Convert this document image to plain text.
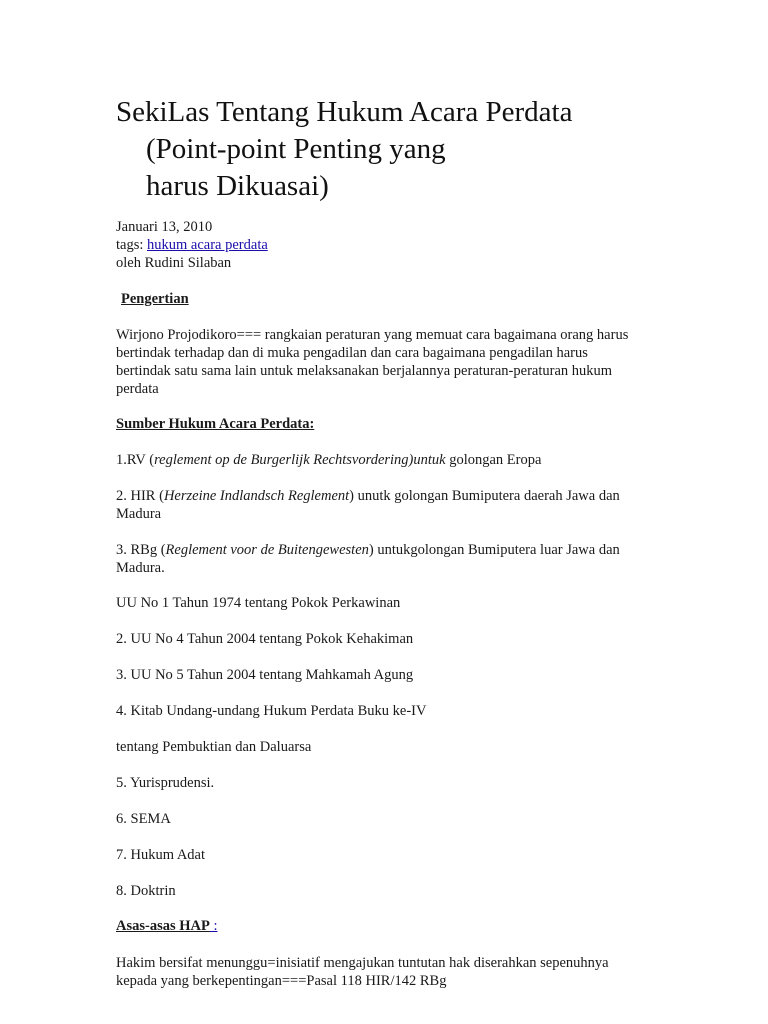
SekiLas Tentang Hukum Acara Perdata
(Point-point Penting yang
harus Dikuasai)

Januari 13, 2010

tags: hukum acara perdata

oleh Rudini Silaban

Pengertian

Wirjono Projodikoro=== rangkaian peraturan yang memuat cara bagaimana orang harus bertindak terhadap dan di muka pengadilan dan cara bagaimana pengadilan harus bertindak satu sama lain untuk melaksanakan berjalannya peraturan-peraturan hukum perdata

Sumber Hukum Acara Perdata:

1.RV (reglement op de Burgerlijk Rechtsvordering)untuk golongan Eropa

2. HIR (Herzeine Indlandsch Reglement) unutk golongan Bumiputera daerah Jawa dan Madura

3. RBg (Reglement voor de Buitengewesten) untukgolongan Bumiputera luar Jawa dan Madura.

UU No 1 Tahun 1974 tentang Pokok Perkawinan

2. UU No 4 Tahun 2004 tentang Pokok Kehakiman

3. UU No 5 Tahun 2004 tentang Mahkamah Agung

4. Kitab Undang-undang Hukum Perdata Buku ke-IV

tentang Pembuktian dan Daluarsa

5. Yurisprudensi.

6. SEMA

7. Hukum Adat

8. Doktrin

Asas-asas HAP :

Hakim bersifat menunggu=inisiatif mengajukan tuntutan hak diserahkan sepenuhnya kepada yang berkepentingan===Pasal 118 HIR/142 RBg
